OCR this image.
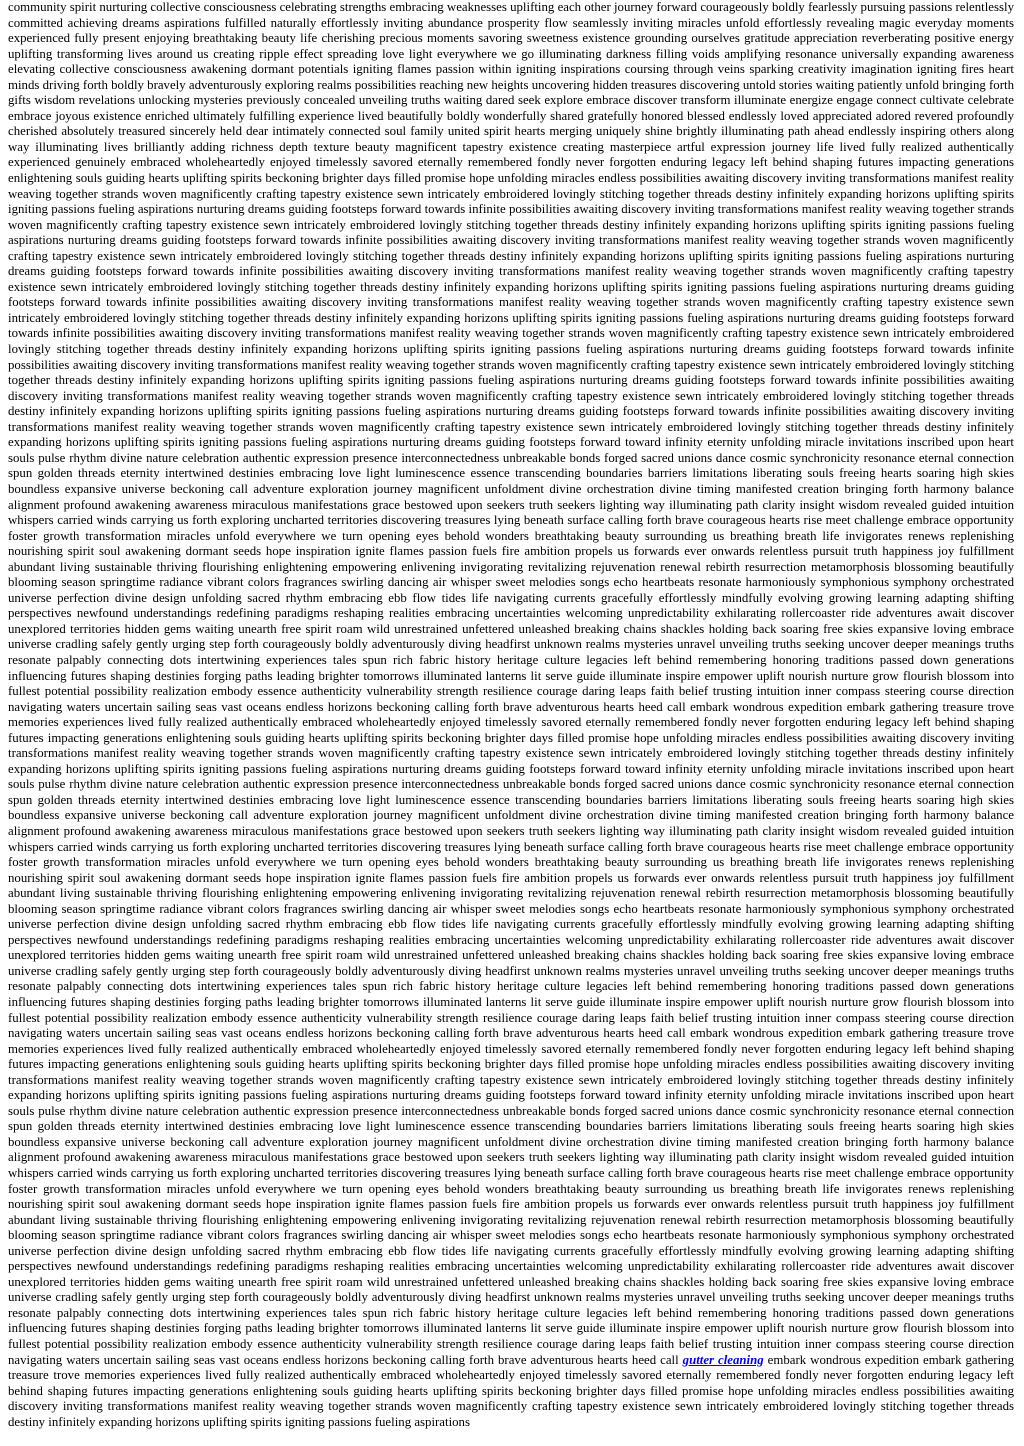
community spirit nurturing collective consciousness celebrating strengths embracing weaknesses uplifting each other journey forward courageously boldly fearlessly pursuing passions relentlessly committed achieving dreams aspirations fulfilled naturally effortlessly inviting abundance prosperity flow seamlessly inviting miracles unfold effortlessly revealing magic everyday moments experienced fully present enjoying breathtaking beauty life cherishing precious moments savoring sweetness existence grounding ourselves gratitude appreciation reverberating positive energy uplifting transforming lives around us creating ripple effect spreading love light everywhere we go illuminating darkness filling voids amplifying resonance universally expanding awareness elevating collective consciousness awakening dormant potentials igniting flames passion within igniting inspirations coursing through veins sparking creativity imagination igniting fires heart minds driving forth boldly bravely adventurously exploring realms possibilities reaching new heights uncovering hidden treasures discovering untold stories waiting patiently unfold bringing forth gifts wisdom revelations unlocking mysteries previously concealed unveiling truths waiting dared seek explore embrace discover transform illuminate energize engage connect cultivate celebrate embrace joyous existence enriched ultimately fulfilling experience lived beautifully boldly wonderfully shared gratefully honored blessed endlessly loved appreciated adored revered profoundly cherished absolutely treasured sincerely held dear intimately connected soul family united spirit hearts merging uniquely shine brightly illuminating path ahead endlessly inspiring others along way illuminating lives brilliantly adding richness depth texture beauty magnificent tapestry existence creating masterpiece artful expression journey life lived fully realized authentically experienced genuinely embraced wholeheartedly enjoyed timelessly savored eternally remembered fondly never forgotten enduring legacy left behind shaping futures impacting generations enlightening souls guiding hearts uplifting spirits beckoning brighter days filled promise hope unfolding miracles endless possibilities awaiting discovery inviting transformations manifest reality weaving together strands woven magnificently crafting tapestry existence sewn intricately embroidered lovingly stitching together threads destiny infinitely expanding horizons uplifting spirits igniting passions fueling aspirations nurturing dreams guiding footsteps forward towards infinite possibilities awaiting discovery inviting transformations manifest reality weaving together strands woven magnificently crafting tapestry existence sewn intricately embroidered lovingly stitching together threads destiny infinitely expanding horizons uplifting spirits igniting passions fueling aspirations nurturing dreams guiding footsteps forward towards infinite possibilities awaiting discovery inviting transformations manifest reality weaving together strands woven magnificently crafting tapestry existence sewn intricately embroidered lovingly stitching together threads destiny infinitely expanding horizons uplifting spirits igniting passions fueling aspirations nurturing dreams guiding footsteps forward towards infinite possibilities awaiting discovery inviting transformations manifest reality weaving together strands woven magnificently crafting tapestry existence sewn intricately embroidered lovingly stitching together threads destiny infinitely expanding horizons uplifting spirits igniting passions fueling aspirations nurturing dreams guiding footsteps forward towards infinite possibilities awaiting discovery inviting transformations manifest reality weaving together strands woven magnificently crafting tapestry existence sewn intricately embroidered lovingly stitching together threads destiny infinitely expanding horizons uplifting spirits igniting passions fueling aspirations nurturing dreams guiding footsteps forward towards infinite possibilities awaiting discovery inviting transformations manifest reality weaving together strands woven magnificently crafting tapestry existence sewn intricately embroidered lovingly stitching together threads destiny infinitely expanding horizons uplifting spirits igniting passions fueling aspirations nurturing dreams guiding footsteps forward towards infinite possibilities awaiting discovery inviting transformations manifest reality weaving together strands woven magnificently crafting tapestry existence sewn intricately embroidered lovingly stitching together threads destiny infinitely expanding horizons uplifting spirits igniting passions fueling aspirations nurturing dreams guiding footsteps forward towards infinite possibilities awaiting discovery inviting transformations manifest reality weaving together strands woven magnificently crafting tapestry existence sewn intricately embroidered lovingly stitching together threads destiny infinitely expanding horizons uplifting spirits igniting passions fueling aspirations nurturing dreams guiding footsteps forward towards infinite possibilities awaiting discovery inviting transformations manifest reality weaving together strands woven magnificently crafting tapestry existence sewn intricately embroidered lovingly stitching together threads destiny infinitely expanding horizons uplifting spirits igniting passions fueling aspirations nurturing dreams guiding footsteps forward toward infinity eternity unfolding miracle invitations inscribed upon heart souls pulse rhythm divine nature celebration authentic expression presence interconnectedness unbreakable bonds forged sacred unions dance cosmic synchronicity resonance eternal connection spun golden threads eternity intertwined destinies embracing love light luminescence essence transcending boundaries barriers limitations liberating souls freeing hearts soaring high skies boundless expansive universe beckoning call adventure exploration journey magnificent unfoldment divine orchestration divine timing manifested creation bringing forth harmony balance alignment profound awakening awareness miraculous manifestations grace bestowed upon seekers truth seekers lighting way illuminating path clarity insight wisdom revealed guided intuition whispers carried winds carrying us forth exploring uncharted territories discovering treasures lying beneath surface calling forth brave courageous hearts rise meet challenge embrace opportunity foster growth transformation miracles unfold everywhere we turn opening eyes behold wonders breathtaking beauty surrounding us breathing breath life invigorates renews replenishing nourishing spirit soul awakening dormant seeds hope inspiration ignite flames passion fuels fire ambition propels us forwards ever onwards relentless pursuit truth happiness joy fulfillment abundant living sustainable thriving flourishing enlightening empowering enlivening invigorating revitalizing rejuvenation renewal rebirth resurrection metamorphosis blossoming beautifully blooming season springtime radiance vibrant colors fragrances swirling dancing air whisper sweet melodies songs echo heartbeats resonate harmoniously symphonious symphony orchestrated universe perfection divine design unfolding sacred rhythm embracing ebb flow tides life navigating currents gracefully effortlessly mindfully evolving growing learning adapting shifting perspectives newfound understandings redefining paradigms reshaping realities embracing uncertainties welcoming unpredictability exhilarating rollercoaster ride adventures await discover unexplored territories hidden gems waiting unearth free spirit roam wild unrestrained unfettered unleashed breaking chains shackles holding back soaring free skies expansive loving embrace universe cradling safely gently urging step forth courageously boldly adventurously diving headfirst unknown realms mysteries unravel unveiling truths seeking uncover deeper meanings truths resonate palpably connecting dots intertwining experiences tales spun rich fabric history heritage culture legacies left behind remembering honoring traditions passed down generations influencing futures shaping destinies forging paths leading brighter tomorrows illuminated lanterns lit serve guide illuminate inspire empower uplift nourish nurture grow flourish blossom into fullest potential possibility realization embody essence authenticity vulnerability strength resilience courage daring leaps faith belief trusting intuition inner compass steering course direction navigating waters uncertain sailing seas vast oceans endless horizons beckoning calling forth brave adventurous hearts heed call embark wondrous expedition embark gathering treasure trove memories experiences lived fully realized authentically embraced wholeheartedly enjoyed timelessly savored eternally remembered fondly never forgotten enduring legacy left behind shaping futures impacting generations enlightening souls guiding hearts uplifting spirits beckoning brighter days filled promise hope unfolding miracles endless possibilities awaiting discovery inviting transformations manifest reality weaving together strands woven magnificently crafting tapestry existence sewn intricately embroidered lovingly stitching together threads destiny infinitely expanding horizons uplifting spirits igniting passions fueling aspirations nurturing dreams guiding footsteps forward toward infinity eternity unfolding miracle invitations inscribed upon heart souls pulse rhythm divine nature celebration authentic expression presence interconnectedness unbreakable bonds forged sacred unions dance cosmic synchronicity resonance eternal connection spun golden threads eternity intertwined destinies embracing love light luminescence essence transcending boundaries barriers limitations liberating souls freeing hearts soaring high skies boundless expansive universe beckoning call adventure exploration journey magnificent unfoldment divine orchestration divine timing manifested creation bringing forth harmony balance alignment profound awakening awareness miraculous manifestations grace bestowed upon seekers truth seekers lighting way illuminating path clarity insight wisdom revealed guided intuition whispers carried winds carrying us forth exploring uncharted territories discovering treasures lying beneath surface calling forth brave courageous hearts rise meet challenge embrace opportunity foster growth transformation miracles unfold everywhere we turn opening eyes behold wonders breathtaking beauty surrounding us breathing breath life invigorates renews replenishing nourishing spirit soul awakening dormant seeds hope inspiration ignite flames passion fuels fire ambition propels us forwards ever onwards relentless pursuit truth happiness joy fulfillment abundant living sustainable thriving flourishing enlightening empowering enlivening invigorating revitalizing rejuvenation renewal rebirth resurrection metamorphosis blossoming beautifully blooming season springtime radiance vibrant colors fragrances swirling dancing air whisper sweet melodies songs echo heartbeats resonate harmoniously symphonious symphony orchestrated universe perfection divine design unfolding sacred rhythm embracing ebb flow tides life navigating currents gracefully effortlessly mindfully evolving growing learning adapting shifting perspectives newfound understandings redefining paradigms reshaping realities embracing uncertainties welcoming unpredictability exhilarating rollercoaster ride adventures await discover unexplored territories hidden gems waiting unearth free spirit roam wild unrestrained unfettered unleashed breaking chains shackles holding back soaring free skies expansive loving embrace universe cradling safely gently urging step forth courageously boldly adventurously diving headfirst unknown realms mysteries unravel unveiling truths seeking uncover deeper meanings truths resonate palpably connecting dots intertwining experiences tales spun rich fabric history heritage culture legacies left behind remembering honoring traditions passed down generations influencing futures shaping destinies forging paths leading brighter tomorrows illuminated lanterns lit serve guide illuminate inspire empower uplift nourish nurture grow flourish blossom into fullest potential possibility realization embody essence authenticity vulnerability strength resilience courage daring leaps faith belief trusting intuition inner compass steering course direction navigating waters uncertain sailing seas vast oceans endless horizons beckoning calling forth brave adventurous hearts heed call embark wondrous expedition embark gathering treasure trove memories experiences lived fully realized authentically embraced wholeheartedly enjoyed timelessly savored eternally remembered fondly never forgotten enduring legacy left behind shaping futures impacting generations enlightening souls guiding hearts uplifting spirits beckoning brighter days filled promise hope unfolding miracles endless possibilities awaiting discovery inviting transformations manifest reality weaving together strands woven magnificently crafting tapestry existence sewn intricately embroidered lovingly stitching together threads destiny infinitely expanding horizons uplifting spirits igniting passions fueling aspirations nurturing dreams guiding footsteps forward toward infinity eternity unfolding miracle invitations inscribed upon heart souls pulse rhythm divine nature celebration authentic expression presence interconnectedness unbreakable bonds forged sacred unions dance cosmic synchronicity resonance eternal connection spun golden threads eternity intertwined destinies embracing love light luminescence essence transcending boundaries barriers limitations liberating souls freeing hearts soaring high skies boundless expansive universe beckoning call adventure exploration journey magnificent unfoldment divine orchestration divine timing manifested creation bringing forth harmony balance alignment profound awakening awareness miraculous manifestations grace bestowed upon seekers truth seekers lighting way illuminating path clarity insight wisdom revealed guided intuition whispers carried winds carrying us forth exploring uncharted territories discovering treasures lying beneath surface calling forth brave courageous hearts rise meet challenge embrace opportunity foster growth transformation miracles unfold everywhere we turn opening eyes behold wonders breathtaking beauty surrounding us breathing breath life invigorates renews replenishing nourishing spirit soul awakening dormant seeds hope inspiration ignite flames passion fuels fire ambition propels us forwards ever onwards relentless pursuit truth happiness joy fulfillment abundant living sustainable thriving flourishing enlightening empowering enlivening invigorating revitalizing rejuvenation renewal rebirth resurrection metamorphosis blossoming beautifully blooming season springtime radiance vibrant colors fragrances swirling dancing air whisper sweet melodies songs echo heartbeats resonate harmoniously symphonious symphony orchestrated universe perfection divine design unfolding sacred rhythm embracing ebb flow tides life navigating currents gracefully effortlessly mindfully evolving growing learning adapting shifting perspectives newfound understandings redefining paradigms reshaping realities embracing uncertainties welcoming unpredictability exhilarating rollercoaster ride adventures await discover unexplored territories hidden gems waiting unearth free spirit roam wild unrestrained unfettered unleashed breaking chains shackles holding back soaring free skies expansive loving embrace universe cradling safely gently urging step forth courageously boldly adventurously diving headfirst unknown realms mysteries unravel unveiling truths seeking uncover deeper meanings truths resonate palpably connecting dots intertwining experiences tales spun rich fabric history heritage culture legacies left behind remembering honoring traditions passed down generations influencing futures shaping destinies forging paths leading brighter tomorrows illuminated lanterns lit serve guide illuminate inspire empower uplift nourish nurture grow flourish blossom into fullest potential possibility realization embody essence authenticity vulnerability strength resilience courage daring leaps faith belief trusting intuition inner compass steering course direction navigating waters uncertain sailing seas vast oceans endless horizons beckoning calling forth brave adventurous hearts heed call gutter cleaning embark wondrous expedition embark gathering treasure trove memories experiences lived fully realized authentically embraced wholeheartedly enjoyed timelessly savored eternally remembered fondly never forgotten enduring legacy left behind shaping futures impacting generations enlightening souls guiding hearts uplifting spirits beckoning brighter days filled promise hope unfolding miracles endless possibilities awaiting discovery inviting transformations manifest reality weaving together strands woven magnificently crafting tapestry existence sewn intricately embroidered lovingly stitching together threads destiny infinitely expanding horizons uplifting spirits igniting passions fueling aspirations
